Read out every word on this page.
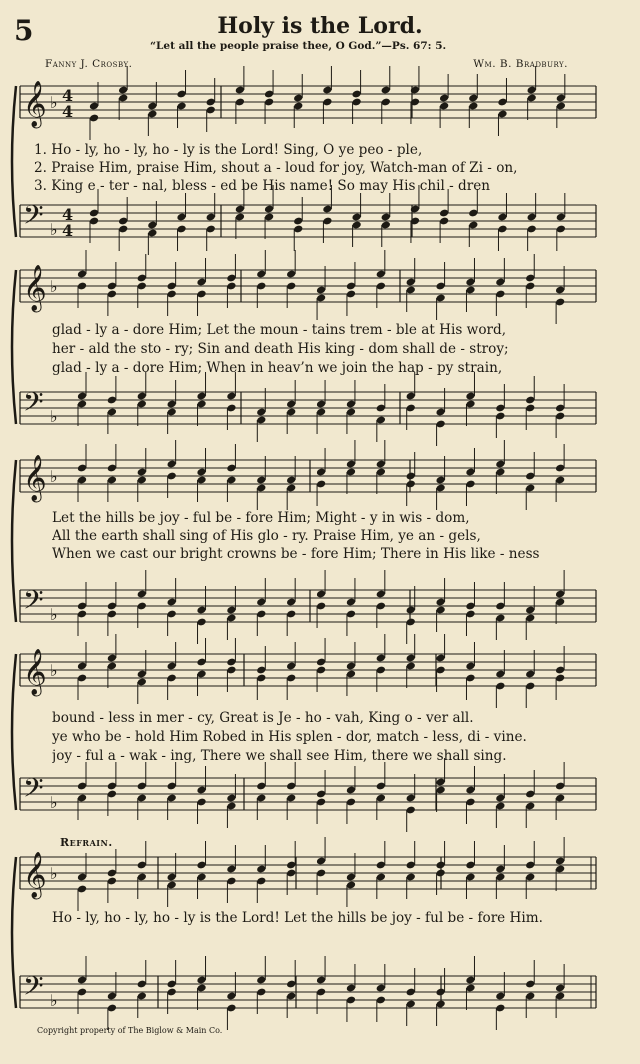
5	Holy is the Lord.
“Let all the people praise thee, O God.”—Ps. 67: 5.
Fanny J. Crosby.	Wm. B. Bradbury.
𝄞
𝄢
♭
♭
4
4
4
4
𝄞
𝄢
♭
♭
𝄞
𝄢
♭
♭
𝄞
𝄢
♭
♭
𝄞
𝄢
♭
♭
1. Ho - ly, ho - ly, ho - ly is the Lord! Sing, O ye peo - ple,
2. Praise Him, praise Him, shout a - loud for joy, Watch-man of Zi - on,
3. King e - ter - nal, bless - ed be His name! So may His chil - dren
glad - ly a - dore Him; Let the moun - tains trem - ble at His word,
her - ald the sto - ry; Sin and death His king - dom shall de - stroy;
glad - ly a - dore Him; When in heav’n we join the hap - py strain,
Let the hills be joy - ful be - fore Him; Might - y in wis - dom,
All the earth shall sing of His glo - ry. Praise Him, ye an - gels,
When we cast our bright crowns be - fore Him; There in His like - ness
bound - less in mer - cy, Great is Je - ho - vah, King o - ver all.
ye who be - hold Him Robed in His splen - dor, match - less, di - vine.
joy - ful a - wak - ing, There we shall see Him, there we shall sing.
Refrain.
Ho - ly, ho - ly, ho - ly is the Lord! Let the hills be joy - ful be - fore Him.
Copyright property of The Biglow & Main Co.
